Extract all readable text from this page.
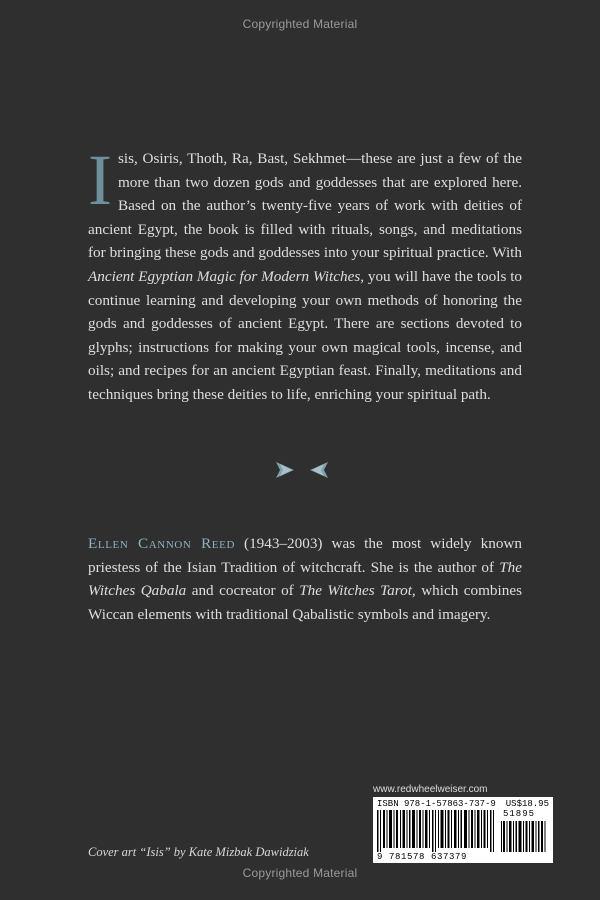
Copyrighted Material
Isis, Osiris, Thoth, Ra, Bast, Sekhmet—these are just a few of the more than two dozen gods and goddesses that are explored here. Based on the author’s twenty-five years of work with deities of ancient Egypt, the book is filled with rituals, songs, and meditations for bringing these gods and goddesses into your spiritual practice. With Ancient Egyptian Magic for Modern Witches, you will have the tools to continue learning and developing your own methods of honoring the gods and goddesses of ancient Egypt. There are sections devoted to glyphs; instructions for making your own magical tools, incense, and oils; and recipes for an ancient Egyptian feast. Finally, meditations and techniques bring these deities to life, enriching your spiritual path.
Ellen Cannon Reed (1943–2003) was the most widely known priestess of the Isian Tradition of witchcraft. She is the author of The Witches Qabala and cocreator of The Witches Tarot, which combines Wiccan elements with traditional Qabalistic symbols and imagery.
www.redwheelweiser.com
ISBN 978-1-57863-737-9 US$18.95
51895
9 781578 637379
Cover art “Isis” by Kate Mizbak Dawidziak
Copyrighted Material
